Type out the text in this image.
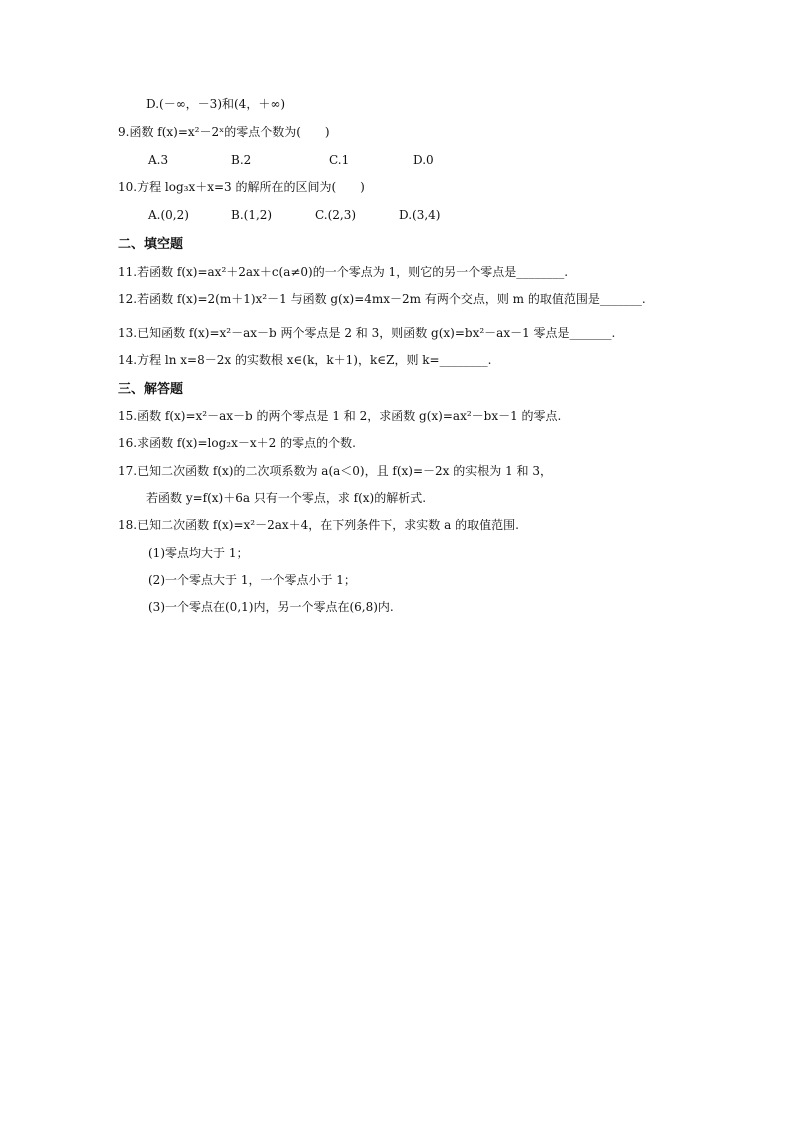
D.(－∞，－3)和(4，＋∞)
9.函数 f(x)=x²－2ˣ的零点个数为(　　)
A.3	B.2	C.1	D.0
10.方程 log₃x＋x=3 的解所在的区间为(　　)
A.(0,2)	B.(1,2)	C.(2,3)	D.(3,4)
二、填空题
11.若函数 f(x)=ax²＋2ax＋c(a≠0)的一个零点为 1，则它的另一个零点是________.
12.若函数 f(x)=2(m＋1)x²－1 与函数 g(x)=4mx－2m 有两个交点，则 m 的取值范围是_______.
13.已知函数 f(x)=x²－ax－b 两个零点是 2 和 3，则函数 g(x)=bx²－ax－1 零点是_______.
14.方程 ln x=8－2x 的实数根 x∈(k，k＋1)，k∈Z，则 k=________.
三、解答题
15.函数 f(x)=x²－ax－b 的两个零点是 1 和 2，求函数 g(x)=ax²－bx－1 的零点.
16.求函数 f(x)=log₂x－x＋2 的零点的个数.
17.已知二次函数 f(x)的二次项系数为 a(a＜0)，且 f(x)=－2x 的实根为 1 和 3，
若函数 y=f(x)＋6a 只有一个零点，求 f(x)的解析式.
18.已知二次函数 f(x)=x²－2ax＋4，在下列条件下，求实数 a 的取值范围.
(1)零点均大于 1；
(2)一个零点大于 1，一个零点小于 1；
(3)一个零点在(0,1)内，另一个零点在(6,8)内.
